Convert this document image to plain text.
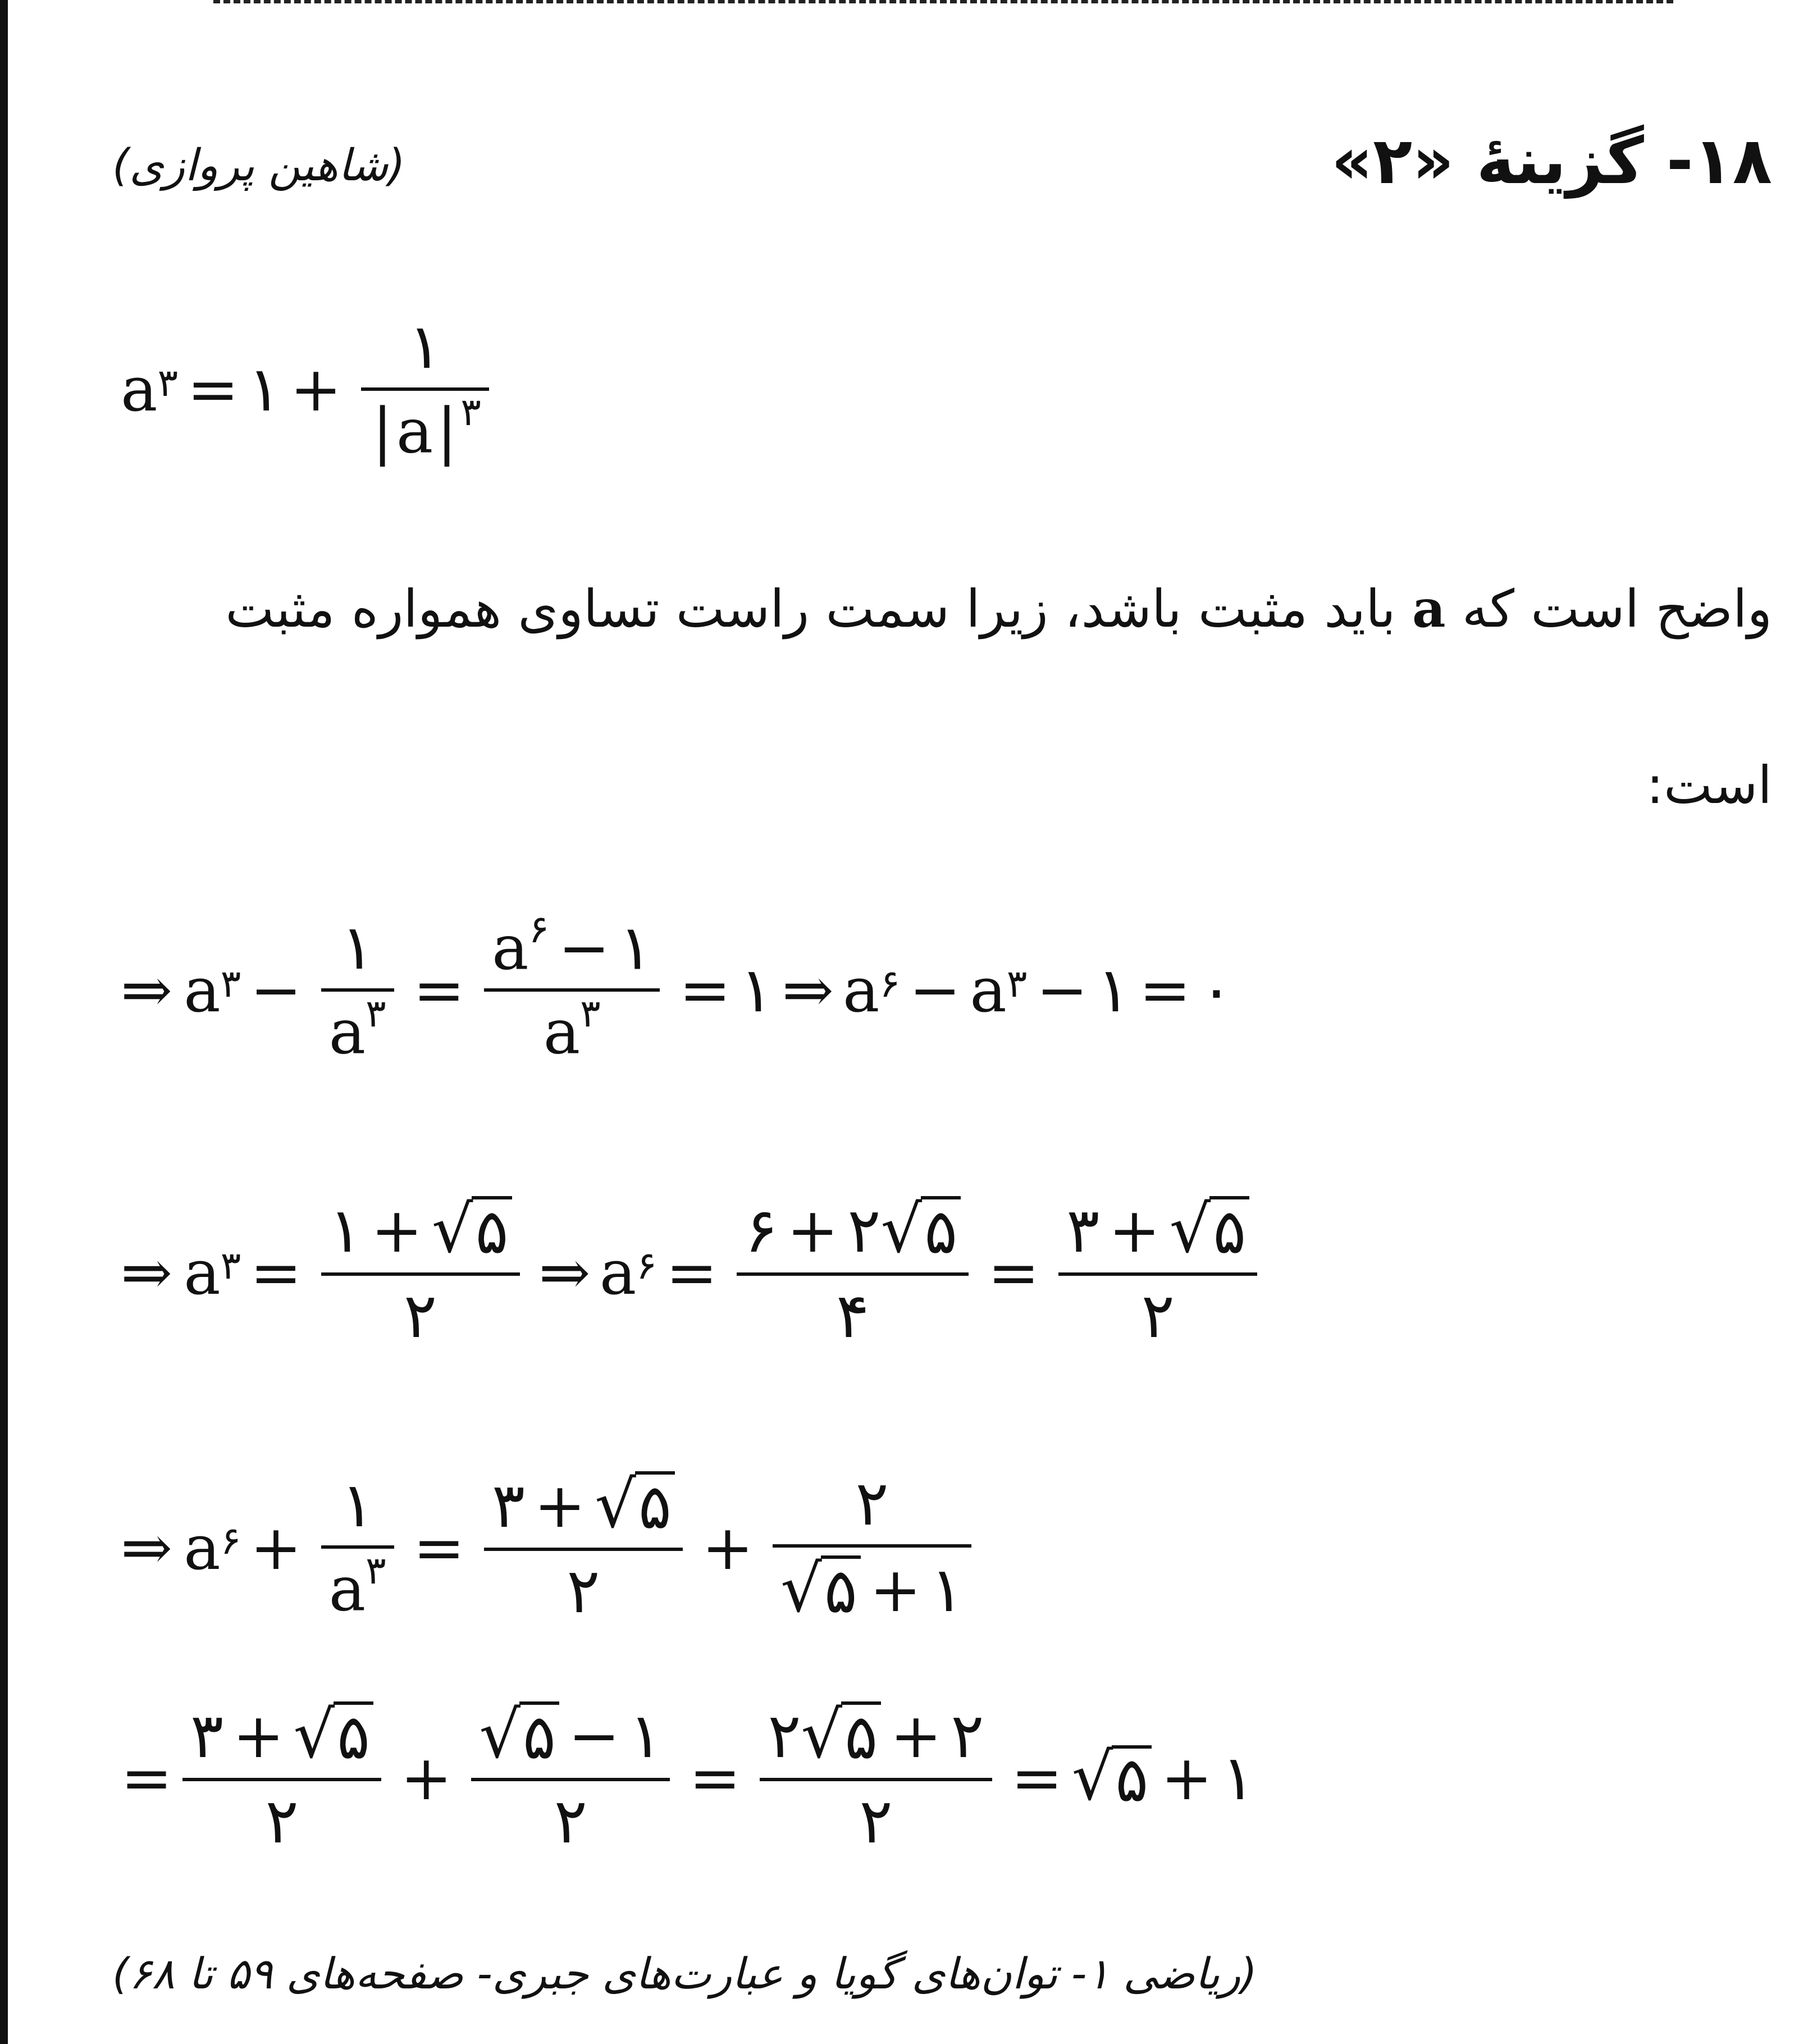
۱۸- گزینهٔ «۲»
(شاهین پروازی)
$a^۳$ = ۱ +
۱
$|a|^۳$
واضح است که a باید مثبت باشد، زیرا سمت راست تساوی همواره مثبت
است:
⇒ $a^۳$ −
۱
$a^۳$ =
$a^۶$ − ۱
$a^۳$ = ۱ ⇒ $a^۶ - a^۳$ − ۱ = ۰
⇒ $a^۳$ =
۱ + √ ۵
۲
⇒ $a^۶$ =
۶ + ۲ √ ۵
۴
=
۳ + √ ۵
۲
⇒ $a^۶$ +
۱
$a^۳$ =
۳ + √ ۵
۲
+
۲
√ ۵ + ۱
=
۳ + √ ۵
۲
+
√ ۵ − ۱
۲
=
۲ √ ۵ + ۲
۲
= √ ۵ + ۱
(ریاضی ۱- توان‌های گویا و عبارت‌های جبری- صفحه‌های ۵۹ تا ۶۸)
